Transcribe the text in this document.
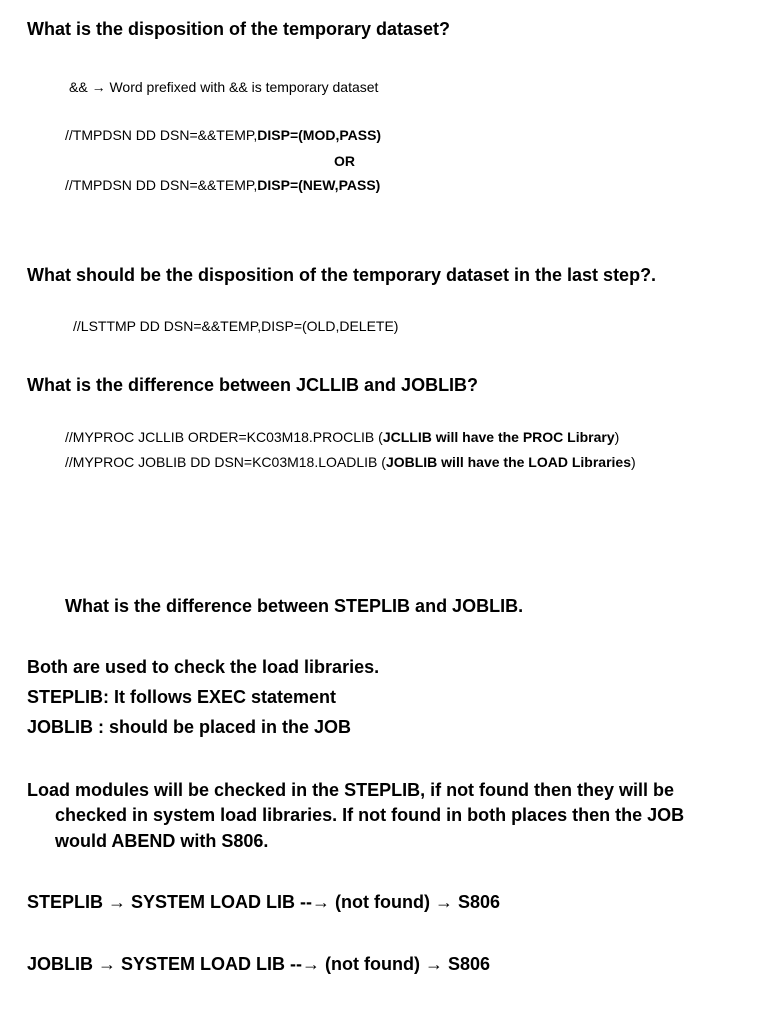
What is the disposition of the temporary dataset?
&& → Word prefixed with && is temporary dataset
//TMPDSN DD DSN=&&TEMP,DISP=(MOD,PASS)
OR
//TMPDSN DD DSN=&&TEMP,DISP=(NEW,PASS)
What should be the disposition of the temporary dataset in the last step?.
//LSTTMP DD DSN=&&TEMP,DISP=(OLD,DELETE)
What is the difference between JCLLIB and JOBLIB?
//MYPROC JCLLIB ORDER=KC03M18.PROCLIB (JCLLIB will have the PROC Library)
//MYPROC JOBLIB DD DSN=KC03M18.LOADLIB (JOBLIB will have the LOAD Libraries)
What is the difference between STEPLIB and JOBLIB.
Both are used to check the load libraries.
STEPLIB: It follows EXEC statement
JOBLIB : should be placed in the JOB
Load modules will be checked in the STEPLIB, if not found then they will be
checked in system load libraries. If not found in both places then the JOB
would ABEND with S806.
STEPLIB → SYSTEM LOAD LIB --→ (not found) → S806
JOBLIB → SYSTEM LOAD LIB --→ (not found) → S806
